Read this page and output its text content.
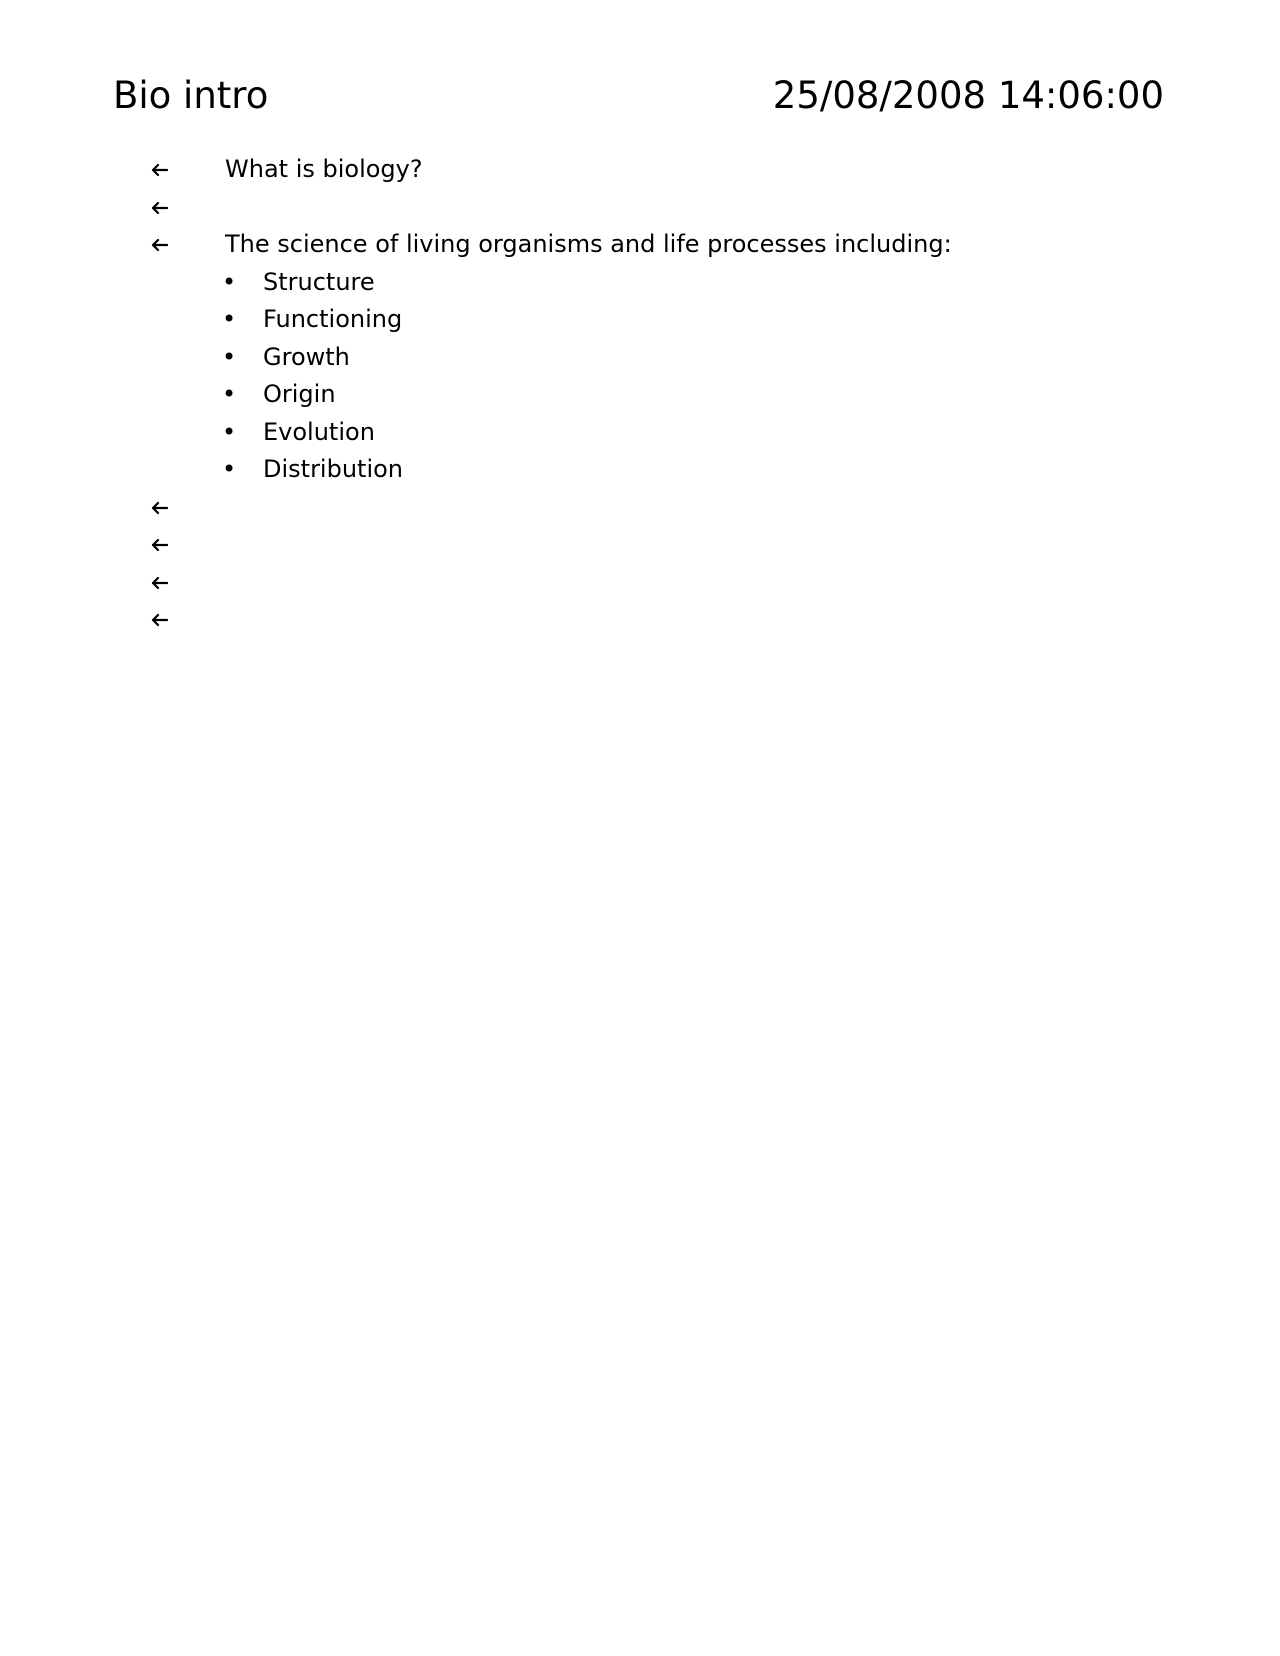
Bio intro	25/08/2008 14:06:00
What is biology?
The science of living organisms and life processes including:
• Structure
• Functioning
• Growth
• Origin
• Evolution
• Distribution
